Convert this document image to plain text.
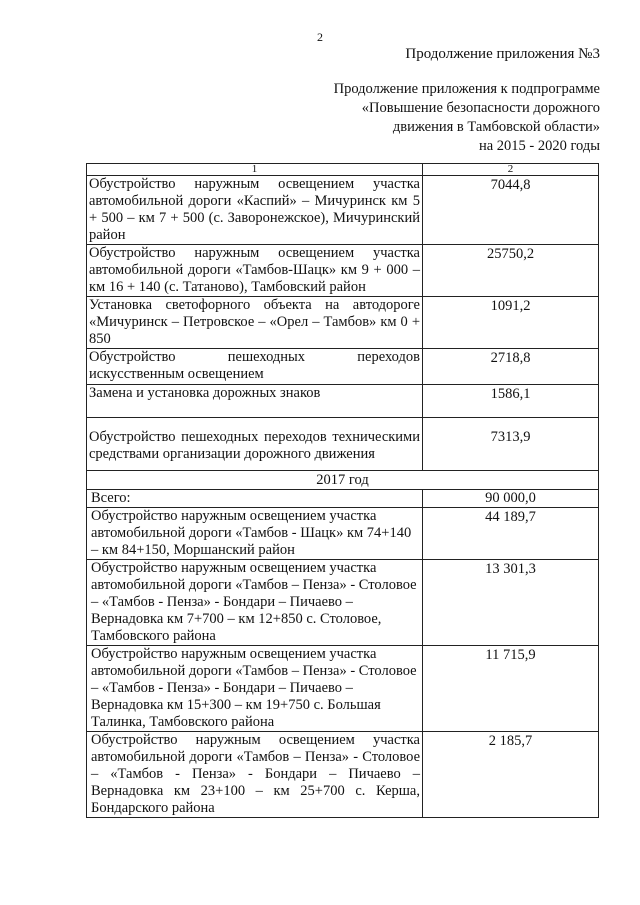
2
Продолжение приложения №3
Продолжение приложения к подпрограмме
«Повышение безопасности дорожного
движения в Тамбовской области»
на 2015 - 2020 годы
1	2
Обустройство наружным освещением участка автомобильной дороги «Каспий» – Мичуринск км 5 + 500 – км 7 + 500 (с. Заворонежское), Мичуринский район	7044,8

Обустройство наружным освещением участка автомобильной дороги «Тамбов-Шацк» км 9 + 000 – км 16 + 140 (с. Татаново), Тамбовский район	25750,2

Установка светофорного объекта на автодороге «Мичуринск – Петровское – «Орел – Тамбов» км 0 + 850	1091,2

Обустройство пешеходных переходов искусственным освещением	2718,8

Замена и установка дорожных знаков	1586,1

Обустройство пешеходных переходов техническими средствами организации дорожного движения	7313,9

2017 год	
Всего:	90 000,0

Обустройство наружным освещением участка автомобильной дороги «Тамбов - Шацк» км 74+140 – км 84+150, Моршанский район	44 189,7

Обустройство наружным освещением участка автомобильной дороги «Тамбов – Пенза» - Столовое – «Тамбов - Пенза» - Бондари – Пичаево – Вернадовка км 7+700 – км 12+850 с. Столовое, Тамбовского района	13 301,3

Обустройство наружным освещением участка автомобильной дороги «Тамбов – Пенза» - Столовое – «Тамбов - Пенза» - Бондари – Пичаево – Вернадовка км 15+300 – км 19+750 с. Большая Талинка, Тамбовского района	11 715,9

Обустройство наружным освещением участка автомобильной дороги «Тамбов – Пенза» - Столовое – «Тамбов - Пенза» - Бондари – Пичаево – Вернадовка км 23+100 – км 25+700 с. Керша, Бондарского района	2 185,7
